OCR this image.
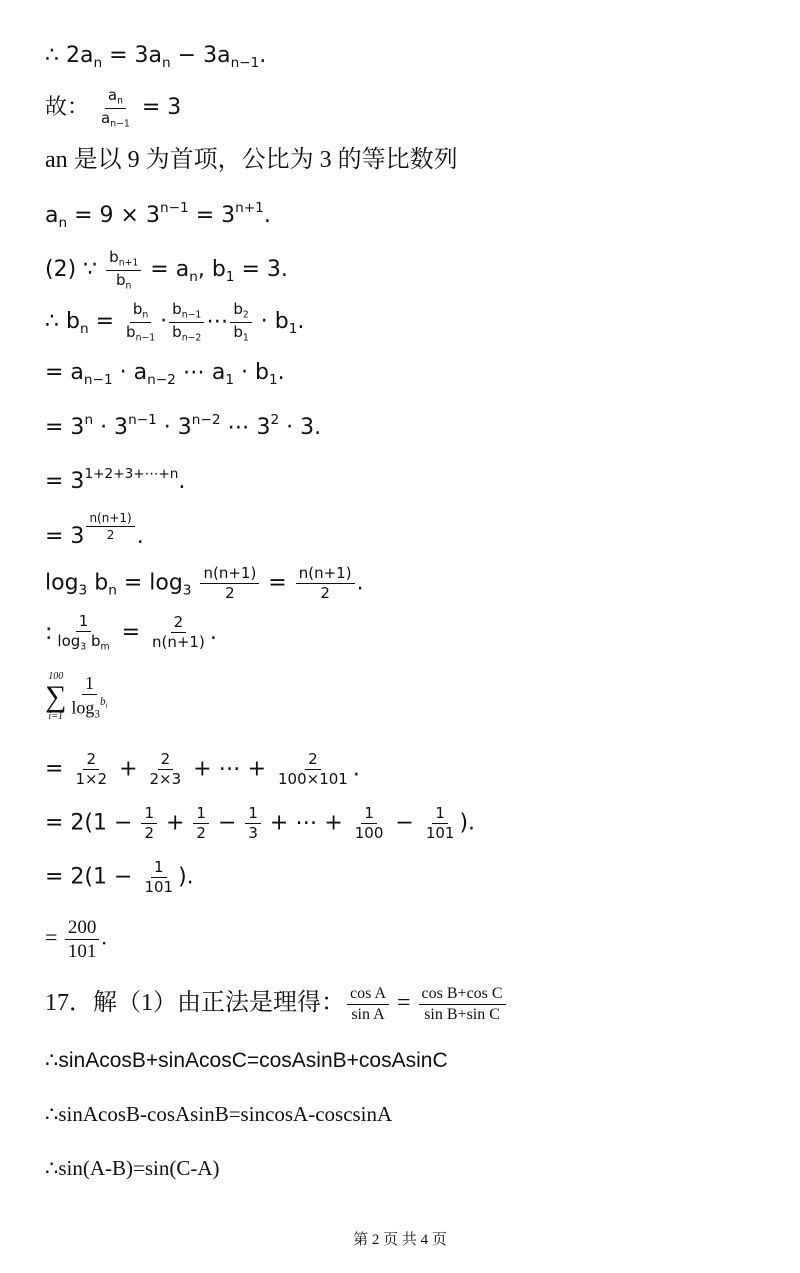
∴ $2a_n = 3a_n - 3a_{n-1}$.
故： $\frac{a_n}{a_{n-1}} = 3$
an 是以 9 为首项，公比为 3 的等比数列
$a_n = 9 \times 3^{n-1} = 3^{n+1}$.
(2) ∵ $\frac{b_{n+1}}{b_n} = a_n$, $b_1 = 3$.
∴ $b_n = \frac{b_n}{b_{n-1}} \cdot \frac{b_{n-1}}{b_{n-2}}$ ⋯ $\frac{b_2}{b_1} \cdot b_1$.
= $a_{n-1} \cdot a_{n-2}$ ⋯ $a_1 \cdot b_1$.
= $3^n \cdot 3^{n-1} \cdot 3^{n-2}$ ⋯ $3^2 \cdot 3$.
= $3^{1+2+3+\cdots+n}$.
= $3 \frac{n(n+1)}{2}$ .
$\log_3 b_n = \log_3 \frac{n(n+1)}{2} = \frac{n(n+1)}{2}$ .
: $\frac{1}{\log_3 b_m} = \frac{2}{n(n+1)}$ .
100
∑
$i=1 \frac{1}{\log_3^{b_i}}$
= $\frac{2}{1\times 2} + \frac{2}{2\times 3}$ + ⋯ + $\frac{2}{100\times 101}$ .
= $2(1 - \frac{1}{2} + \frac{1}{2} - \frac{1}{3}$ + ⋯ + $\frac{1}{100} - \frac{1}{101}$ ).
= $2(1 - \frac{1}{101}$ ).
= $\frac{200}{101}$ .
17．解（1）由正法是理得： $\frac{\text{cos A}}{\text{sin A}} = \frac{\text{cos B+cos C}}{\text{sin B+sin C}}$
∴sinAcosB+sinAcosC=cosAsinB+cosAsinC
∴sinAcosB-cosAsinB=sincosA-coscsinA
∴sin(A-B)=sin(C-A)
第 2 页 共 4 页
